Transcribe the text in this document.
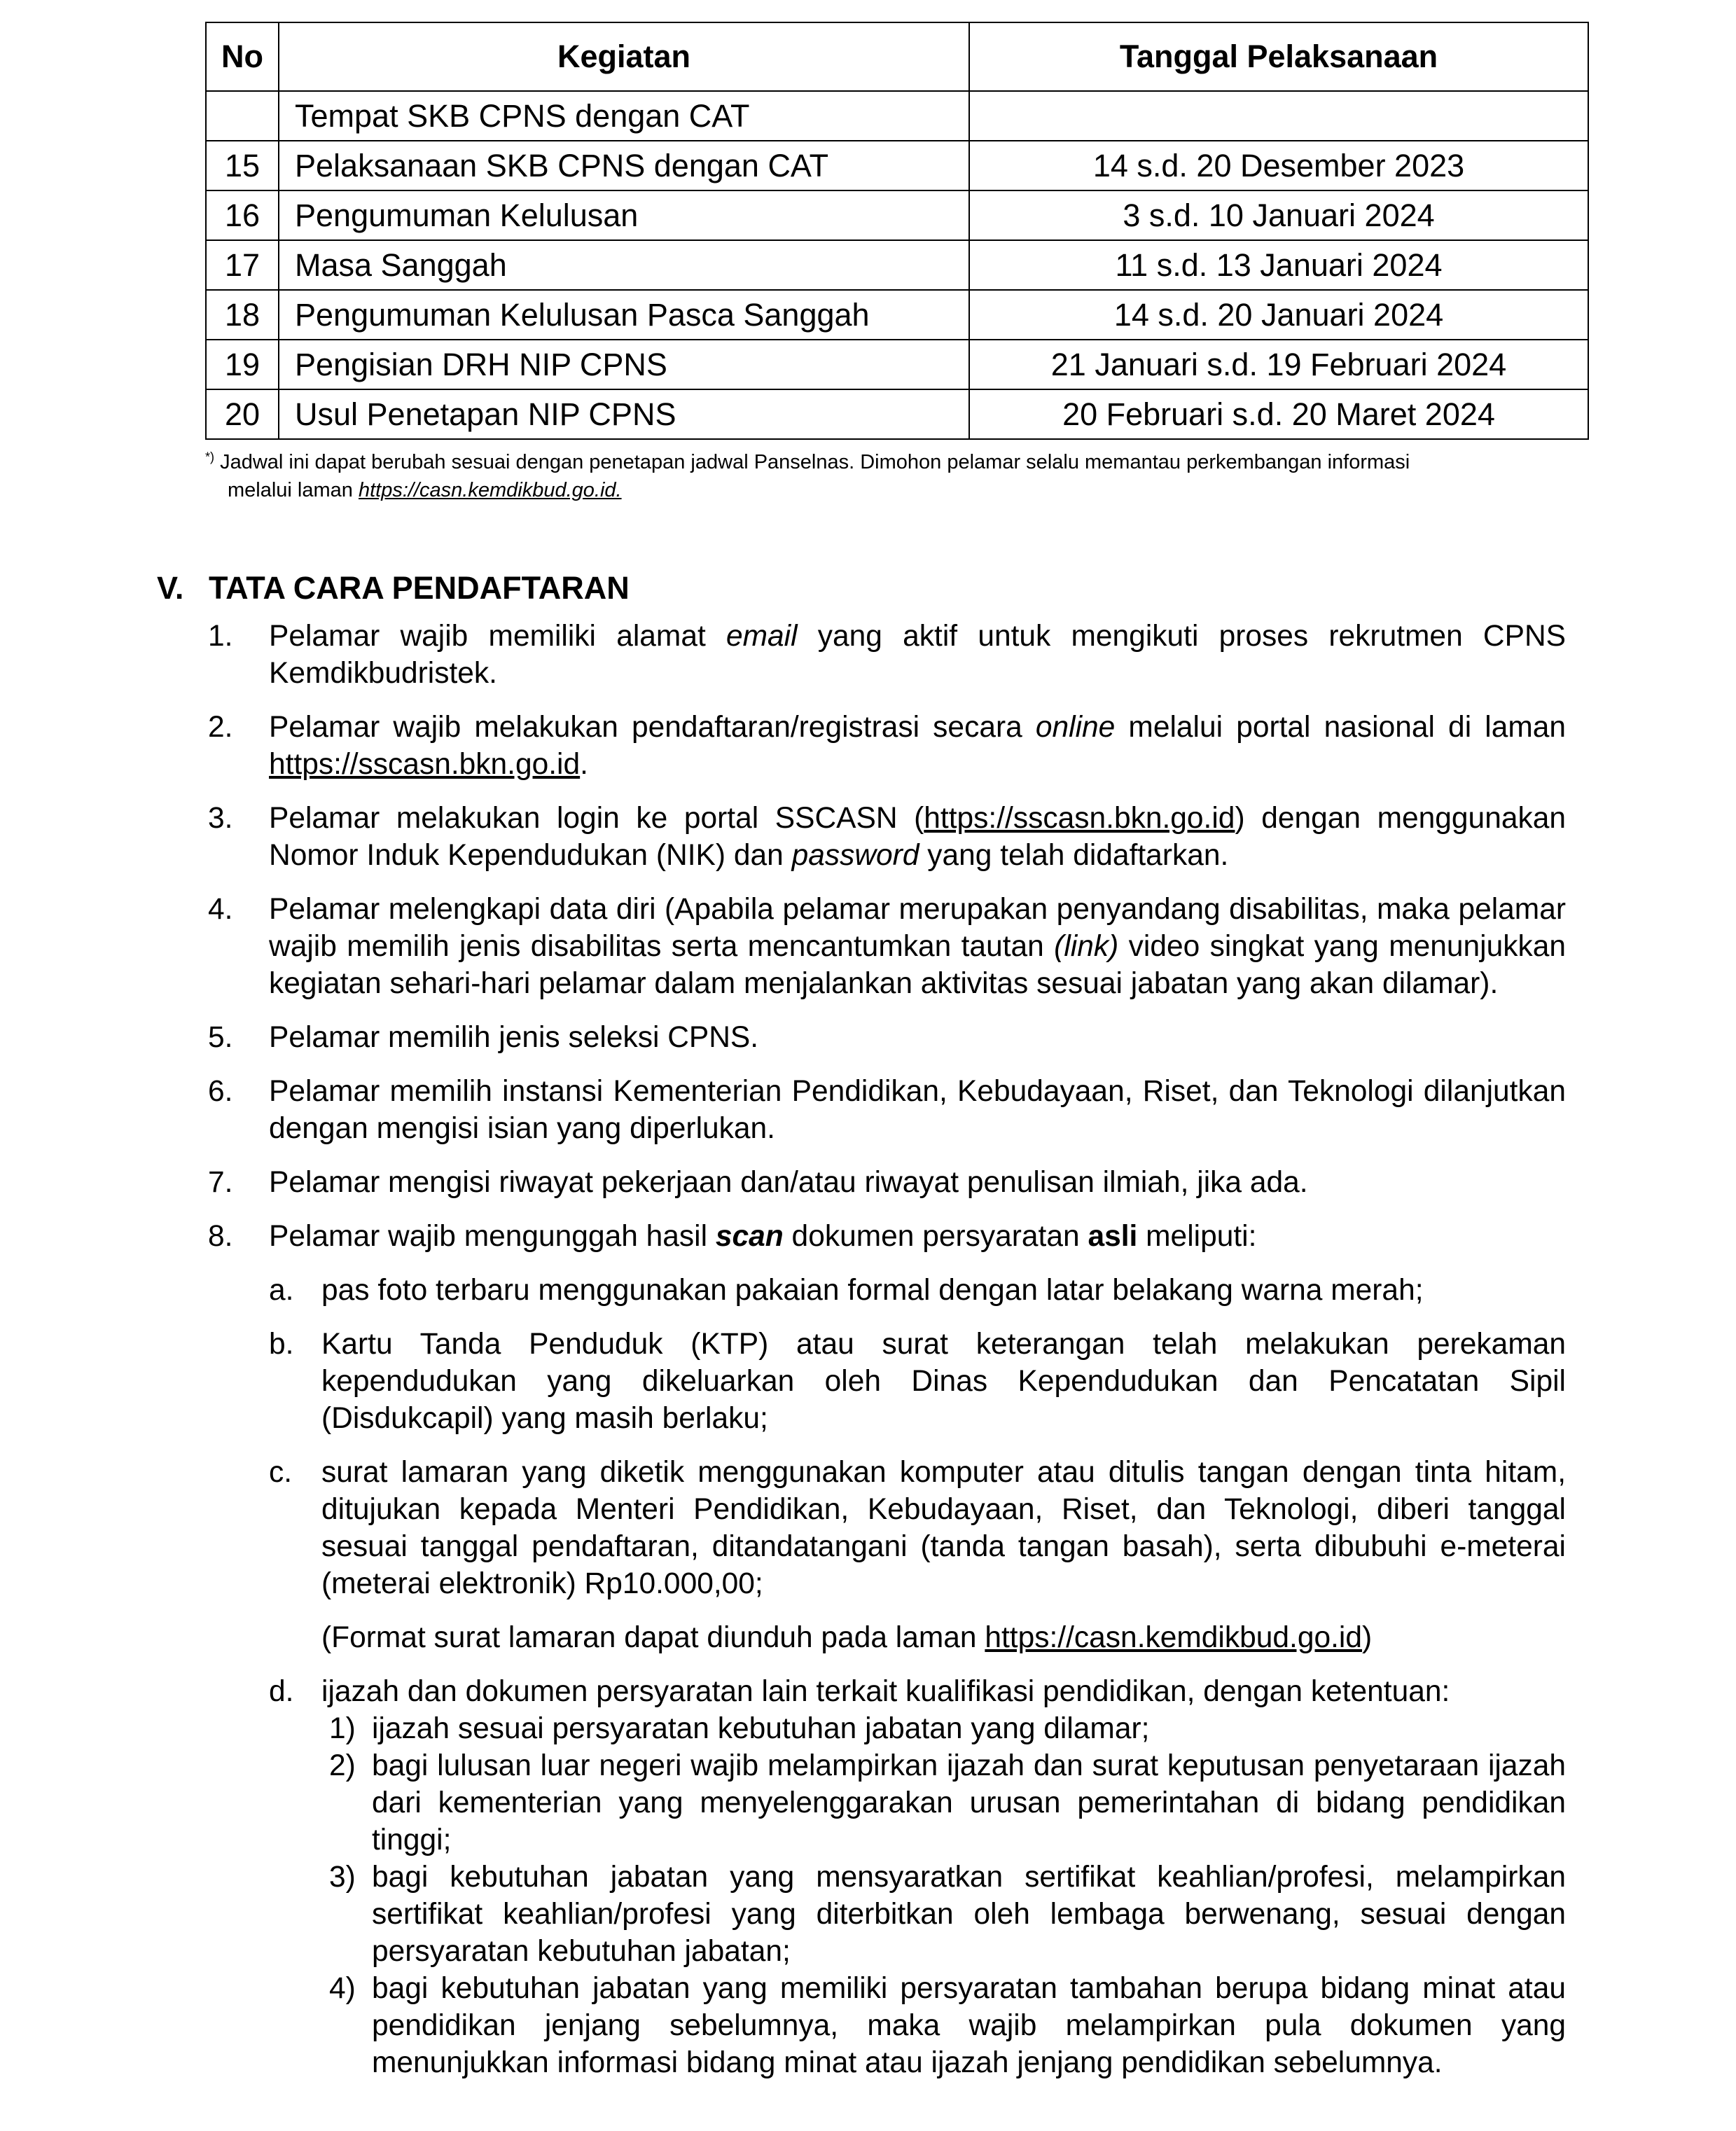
No	Kegiatan	Tanggal Pelaksanaan
	Tempat SKB CPNS dengan CAT	
15	Pelaksanaan SKB CPNS dengan CAT	14 s.d. 20 Desember 2023
16	Pengumuman Kelulusan	3 s.d. 10 Januari 2024
17	Masa Sanggah	11 s.d. 13 Januari 2024
18	Pengumuman Kelulusan Pasca Sanggah	14 s.d. 20 Januari 2024
19	Pengisian DRH NIP CPNS	21 Januari s.d. 19 Februari 2024
20	Usul Penetapan NIP CPNS	20 Februari s.d. 20 Maret 2024
*) Jadwal ini dapat berubah sesuai dengan penetapan jadwal Panselnas. Dimohon pelamar selalu memantau perkembangan informasi
melalui laman https://casn.kemdikbud.go.id.
V. TATA CARA PENDAFTARAN
1. Pelamar wajib memiliki alamat email yang aktif untuk mengikuti proses rekrutmen CPNS Kemdikbudristek.
2. Pelamar wajib melakukan pendaftaran/registrasi secara online melalui portal nasional di laman https://sscasn.bkn.go.id.
3. Pelamar melakukan login ke portal SSCASN (https://sscasn.bkn.go.id) dengan menggunakan Nomor Induk Kependudukan (NIK) dan password yang telah didaftarkan.
4. Pelamar melengkapi data diri (Apabila pelamar merupakan penyandang disabilitas, maka pelamar wajib memilih jenis disabilitas serta mencantumkan tautan (link) video singkat yang menunjukkan kegiatan sehari-hari pelamar dalam menjalankan aktivitas sesuai jabatan yang akan dilamar).
5. Pelamar memilih jenis seleksi CPNS.
6. Pelamar memilih instansi Kementerian Pendidikan, Kebudayaan, Riset, dan Teknologi dilanjutkan dengan mengisi isian yang diperlukan.
7. Pelamar mengisi riwayat pekerjaan dan/atau riwayat penulisan ilmiah, jika ada.
8. Pelamar wajib mengunggah hasil scan dokumen persyaratan asli meliputi:
a. pas foto terbaru menggunakan pakaian formal dengan latar belakang warna merah;
b. Kartu Tanda Penduduk (KTP) atau surat keterangan telah melakukan perekaman kependudukan yang dikeluarkan oleh Dinas Kependudukan dan Pencatatan Sipil (Disdukcapil) yang masih berlaku;
c. surat lamaran yang diketik menggunakan komputer atau ditulis tangan dengan tinta hitam, ditujukan kepada Menteri Pendidikan, Kebudayaan, Riset, dan Teknologi, diberi tanggal sesuai tanggal pendaftaran, ditandatangani (tanda tangan basah), serta dibubuhi e-meterai (meterai elektronik) Rp10.000,00;
(Format surat lamaran dapat diunduh pada laman https://casn.kemdikbud.go.id)
d. ijazah dan dokumen persyaratan lain terkait kualifikasi pendidikan, dengan ketentuan:
1) ijazah sesuai persyaratan kebutuhan jabatan yang dilamar;
2) bagi lulusan luar negeri wajib melampirkan ijazah dan surat keputusan penyetaraan ijazah dari kementerian yang menyelenggarakan urusan pemerintahan di bidang pendidikan tinggi;
3) bagi kebutuhan jabatan yang mensyaratkan sertifikat keahlian/profesi, melampirkan sertifikat keahlian/profesi yang diterbitkan oleh lembaga berwenang, sesuai dengan persyaratan kebutuhan jabatan;
4) bagi kebutuhan jabatan yang memiliki persyaratan tambahan berupa bidang minat atau pendidikan jenjang sebelumnya, maka wajib melampirkan pula dokumen yang menunjukkan informasi bidang minat atau ijazah jenjang pendidikan sebelumnya.
